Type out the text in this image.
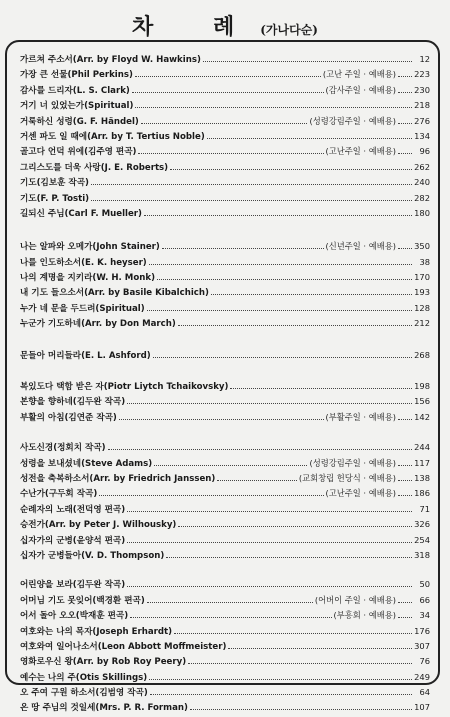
차 례(가나다순)
가르쳐 주소서(Arr. by Floyd W. Hawkins)	12
가장 큰 선물(Phil Perkins)	(고난 주일 · 예배용) 223
감사를 드리자(L. S. Clark)	(감사주일 · 예배용) 230
거기 너 있었는가(Spiritual)	218
거룩하신 성령(G. F. Händel)	(성령강림주일 · 예배용) 276
거센 파도 일 때에(Arr. by T. Tertius Noble)	134
골고다 언덕 위에(김주영 편곡)	(고난주일 · 예배용)	96
그리스도를 더욱 사랑(J. E. Roberts)	262
기도(김보훈 작곡)	240
기도(F. P. Tosti)	282
길되신 주님(Carl F. Mueller)	180
나는 알파와 오메가(John Stainer)	(신년주일 · 예배용) 350
나를 인도하소서(E. K. heyser)	38
나의 계명을 지키라(W. H. Monk)	170
내 기도 들으소서(Arr. by Basile Kibalchich)	193
누가 네 문을 두드려(Spiritual)	128
누군가 기도하네(Arr. by Don March)	212
문들아 머리들라(E. L. Ashford)	268
복있도다 택함 받은 자(Piotr Liytch Tchaikovsky)	198
본향을 향하네(김두완 작곡)	156
부활의 아침(김연준 작곡)	(부활주일 · 예배용) 142
사도신경(정회치 작곡)	244
성령을 보내셨네(Steve Adams)	(성령강림주일 · 예배용) 117
성전을 축복하소서(Arr. by Friedrich Janssen)	(교회창립 헌당식 · 예배용) 138
수난가(구두회 작곡)	(고난주일 · 예배용) 186
순례자의 노래(전덕영 편곡)	71
승전가(Arr. by Peter J. Wilhousky)	326
십자가의 군병(윤양석 편곡)	254
십자가 군병들아(V. D. Thompson)	318
어린양을 보라(김두완 작곡)	50
어머님 기도 못잊어(백경환 편곡)	(어버이 주일 · 예배용)	66
어서 돌아 오오(박재훈 편곡)	(부흥회 · 예배용)	34
여호와는 나의 목자(Joseph Erhardt)	176
여호와여 일어나소서(Leon Abbott Moffmeister)	307
영화로우신 왕(Arr. by Rob Roy Peery)	76
예수는 나의 주(Otis Skillings)	249
오 주여 구원 하소서(김범영 작곡)	64
온 땅 주님의 것일세(Mrs. P. R. Forman)	107
